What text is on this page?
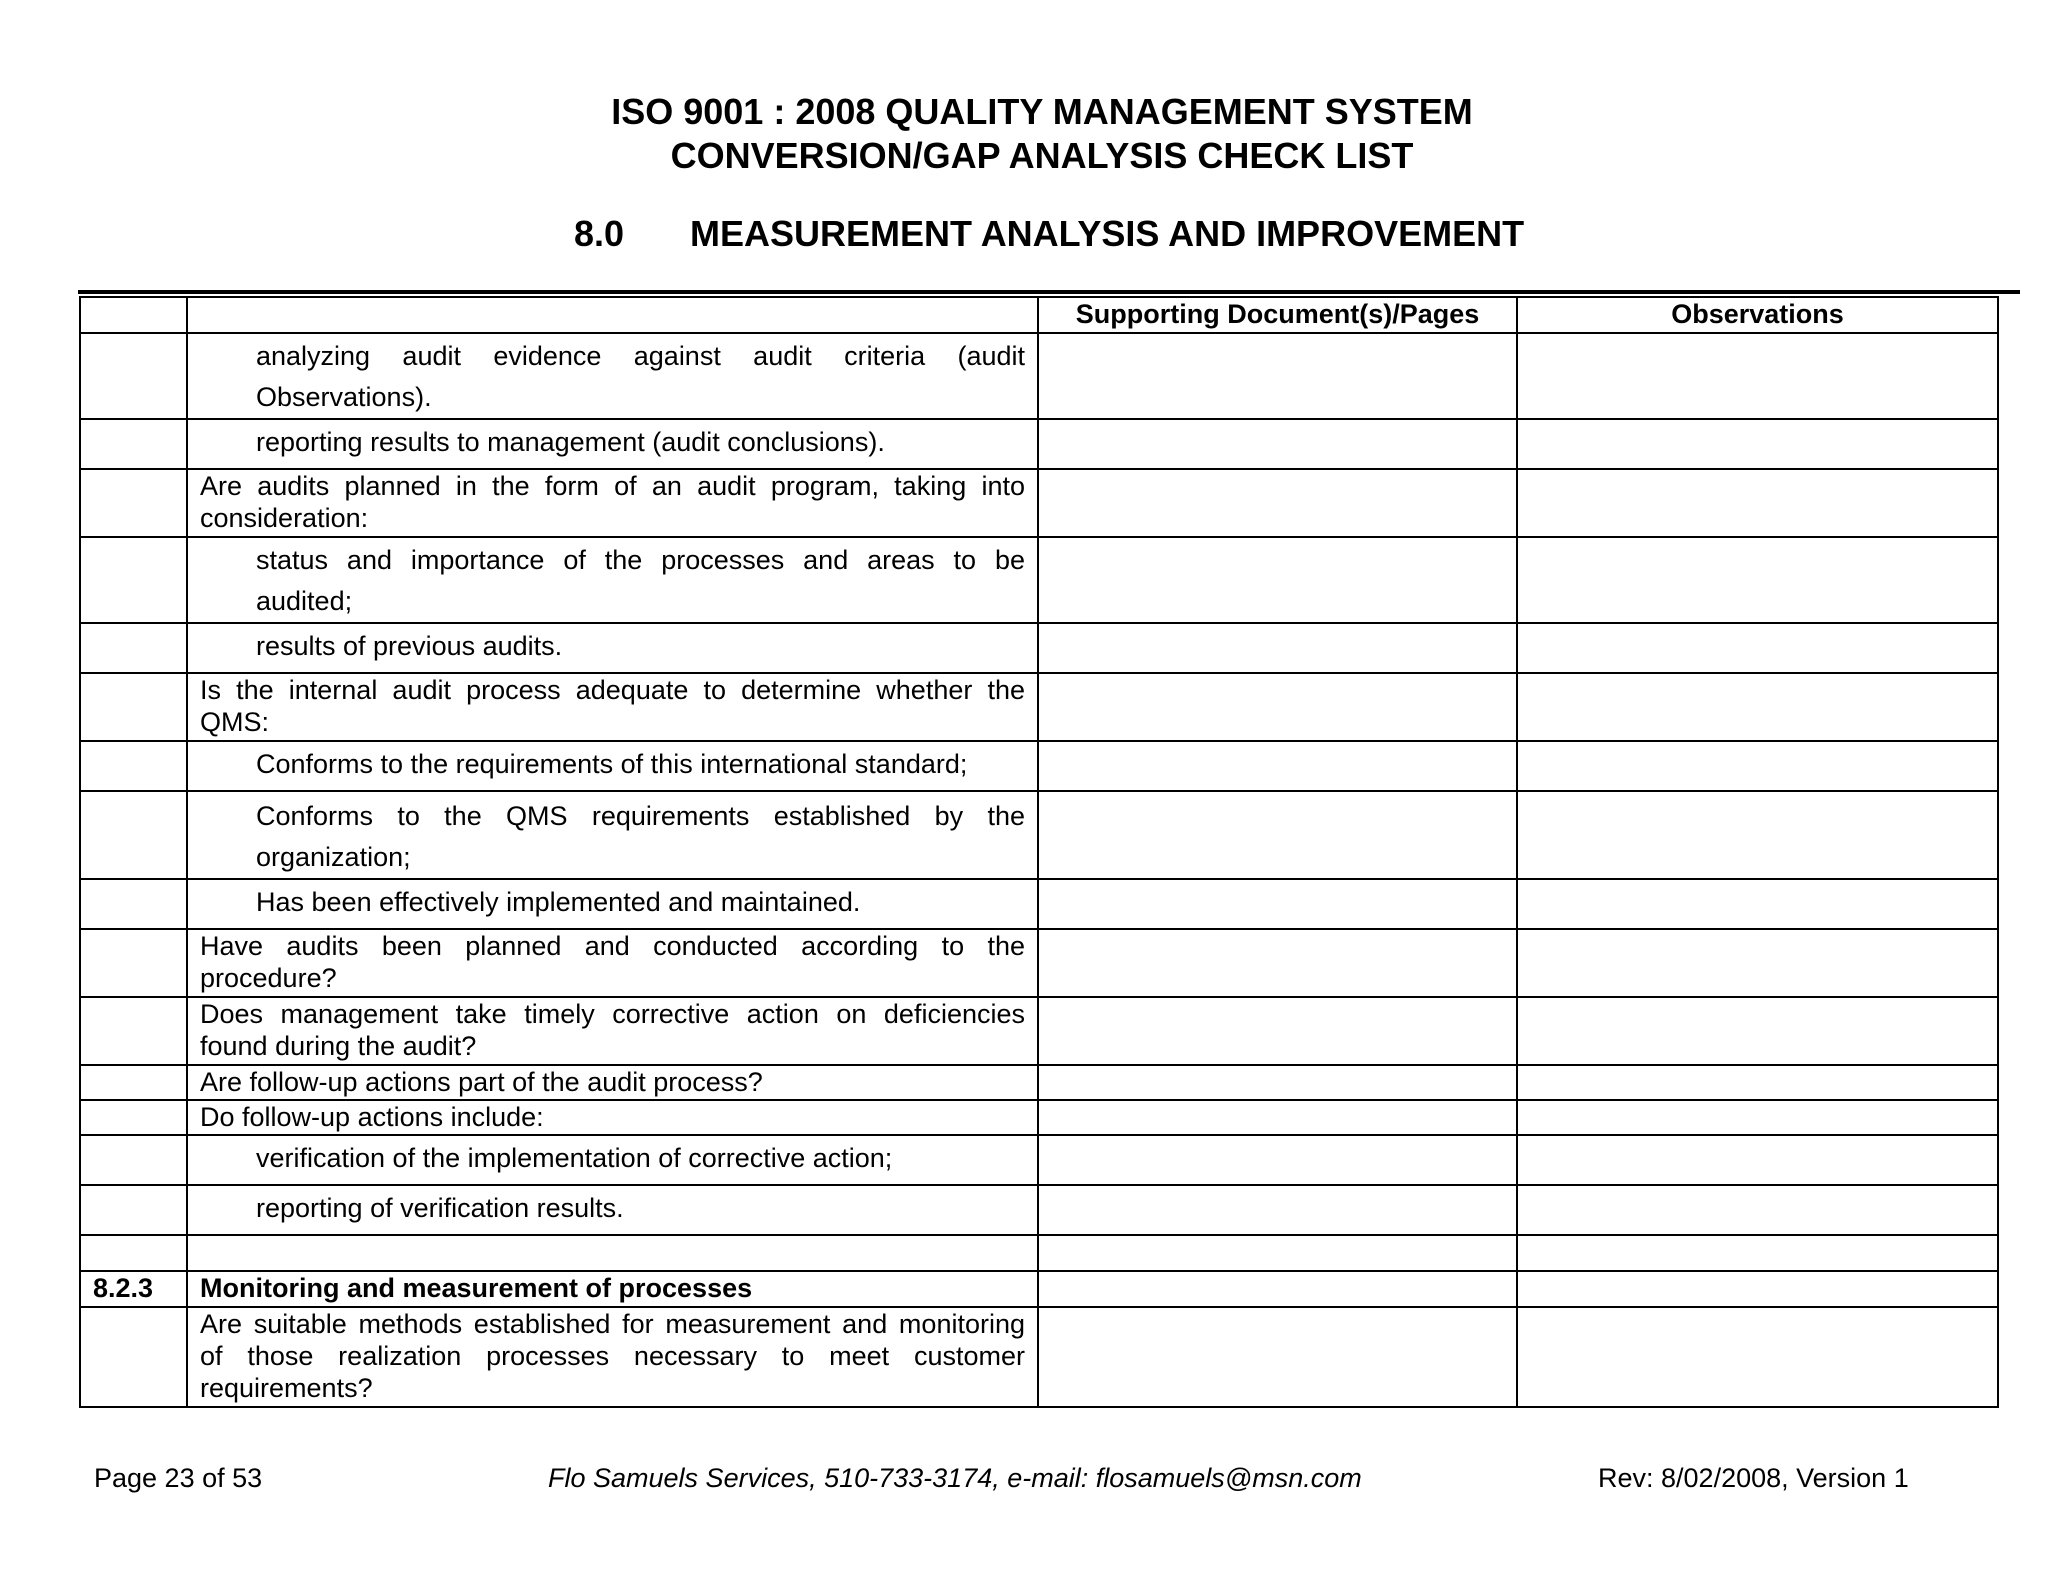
ISO 9001 : 2008 QUALITY MANAGEMENT SYSTEM
CONVERSION/GAP ANALYSIS CHECK LIST
8.0 MEASUREMENT ANALYSIS AND IMPROVEMENT
		Supporting Document(s)/Pages	Observations
	analyzing audit evidence against audit criteria (audit Observations).		
	reporting results to management (audit conclusions).		
	Are audits planned in the form of an audit program, taking into consideration:		
	status and importance of the processes and areas to be audited;		
	results of previous audits.		
	Is the internal audit process adequate to determine whether the QMS:		
	Conforms to the requirements of this international standard;		
	Conforms to the QMS requirements established by the organization;		
	Has been effectively implemented and maintained.		
	Have audits been planned and conducted according to the procedure?		
	Does management take timely corrective action on deficiencies found during the audit?		
	Are follow-up actions part of the audit process?		
	Do follow-up actions include:		
	verification of the implementation of corrective action;		
	reporting of verification results.		

8.2.3	Monitoring and measurement of processes		
	Are suitable methods established for measurement and monitoring of those realization processes necessary to meet customer requirements?		
Page 23 of 53	Flo Samuels Services, 510-733-3174, e-mail: flosamuels@msn.com	Rev: 8/02/2008, Version 1
